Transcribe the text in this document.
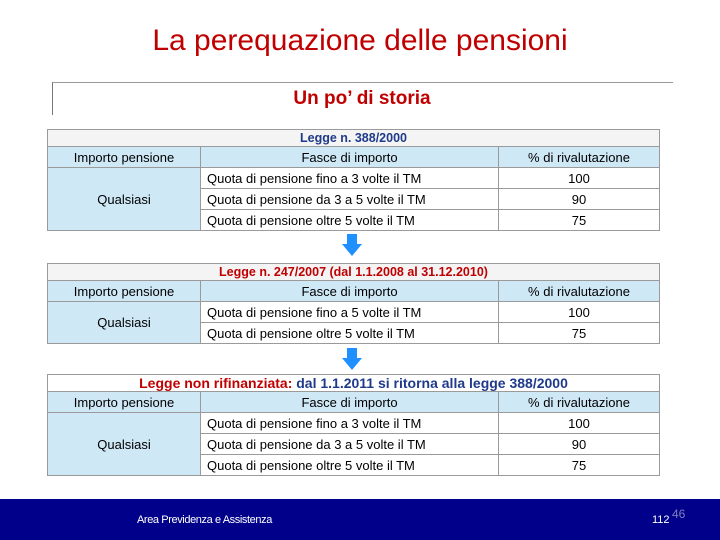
La perequazione delle pensioni
Un po’ di storia
Legge n. 388/2000		
Importo pensione	Fasce di importo	% di rivalutazione
Qualsiasi	Quota di pensione fino a 3 volte il TM	100
	Quota di pensione da 3 a 5 volte il TM	90
	Quota di pensione oltre 5 volte il TM	75
Legge n. 247/2007 (dal 1.1.2008 al 31.12.2010)		
Importo pensione	Fasce di importo	% di rivalutazione
Qualsiasi	Quota di pensione fino a 5 volte il TM	100
	Quota di pensione oltre 5 volte il TM	75
Legge non rifinanziata: dal 1.1.2011 si ritorna alla legge 388/2000		
Importo pensione	Fasce di importo	% di rivalutazione
Qualsiasi	Quota di pensione fino a 3 volte il TM	100
	Quota di pensione da 3 a 5 volte il TM	90
	Quota di pensione oltre 5 volte il TM	75
Area Previdenza e Assistenza	112 46
